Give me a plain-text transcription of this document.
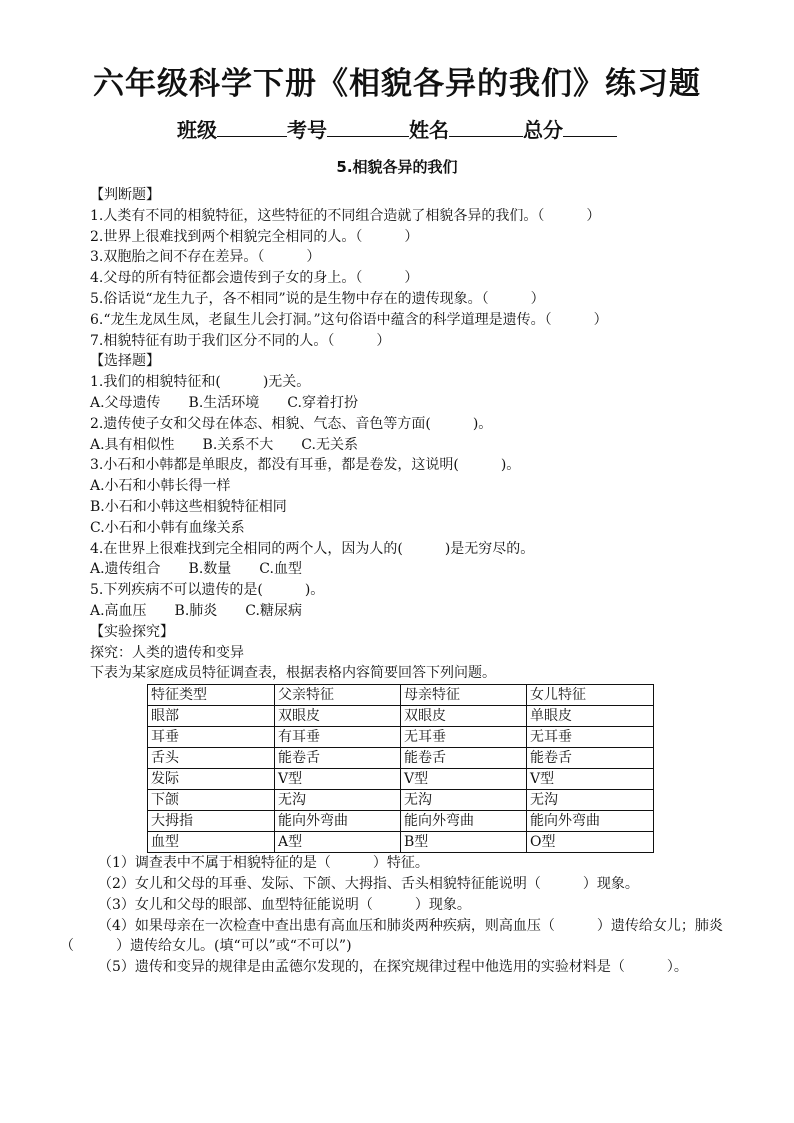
六年级科学下册《相貌各异的我们》练习题
班级	考号	姓名	总分
5.相貌各异的我们
【判断题】
1.人类有不同的相貌特征，这些特征的不同组合造就了相貌各异的我们。（　　　）
2.世界上很难找到两个相貌完全相同的人。（　　　）
3.双胞胎之间不存在差异。（　　　）
4.父母的所有特征都会遗传到子女的身上。（　　　）
5.俗话说“龙生九子，各不相同”说的是生物中存在的遗传现象。（　　　）
6.“龙生龙凤生凤，老鼠生儿会打洞。”这句俗语中蕴含的科学道理是遗传。（　　　）
7.相貌特征有助于我们区分不同的人。（　　　）
【选择题】
1.我们的相貌特征和(　　　)无关。
A.父母遗传　　B.生活环境　　C.穿着打扮
2.遗传使子女和父母在体态、相貌、气态、音色等方面(　　　)。
A.具有相似性　　B.关系不大　　C.无关系
3.小石和小韩都是单眼皮，都没有耳垂，都是卷发，这说明(　　　)。
A.小石和小韩长得一样
B.小石和小韩这些相貌特征相同
C.小石和小韩有血缘关系
4.在世界上很难找到完全相同的两个人，因为人的(　　　)是无穷尽的。
A.遗传组合　　B.数量　　C.血型
5.下列疾病不可以遗传的是(　　　)。
A.高血压　　B.肺炎　　C.糖尿病
【实验探究】
探究：人类的遗传和变异
下表为某家庭成员特征调查表，根据表格内容简要回答下列问题。
特征类型	父亲特征	母亲特征	女儿特征
眼部	双眼皮	双眼皮	单眼皮
耳垂	有耳垂	无耳垂	无耳垂
舌头	能卷舌	能卷舌	能卷舌
发际	V型	V型	V型
下颌	无沟	无沟	无沟
大拇指	能向外弯曲	能向外弯曲	能向外弯曲
血型	A型	B型	O型
（1）调查表中不属于相貌特征的是（　　　）特征。
（2）女儿和父母的耳垂、发际、下颌、大拇指、舌头相貌特征能说明（　　　）现象。
（3）女儿和父母的眼部、血型特征能说明（　　　）现象。
（4）如果母亲在一次检查中查出患有高血压和肺炎两种疾病，则高血压（　　　）遗传给女儿；肺炎（　　　）遗传给女儿。(填“可以”或“不可以”)
（5）遗传和变异的规律是由孟德尔发现的，在探究规律过程中他选用的实验材料是（　　　）。
